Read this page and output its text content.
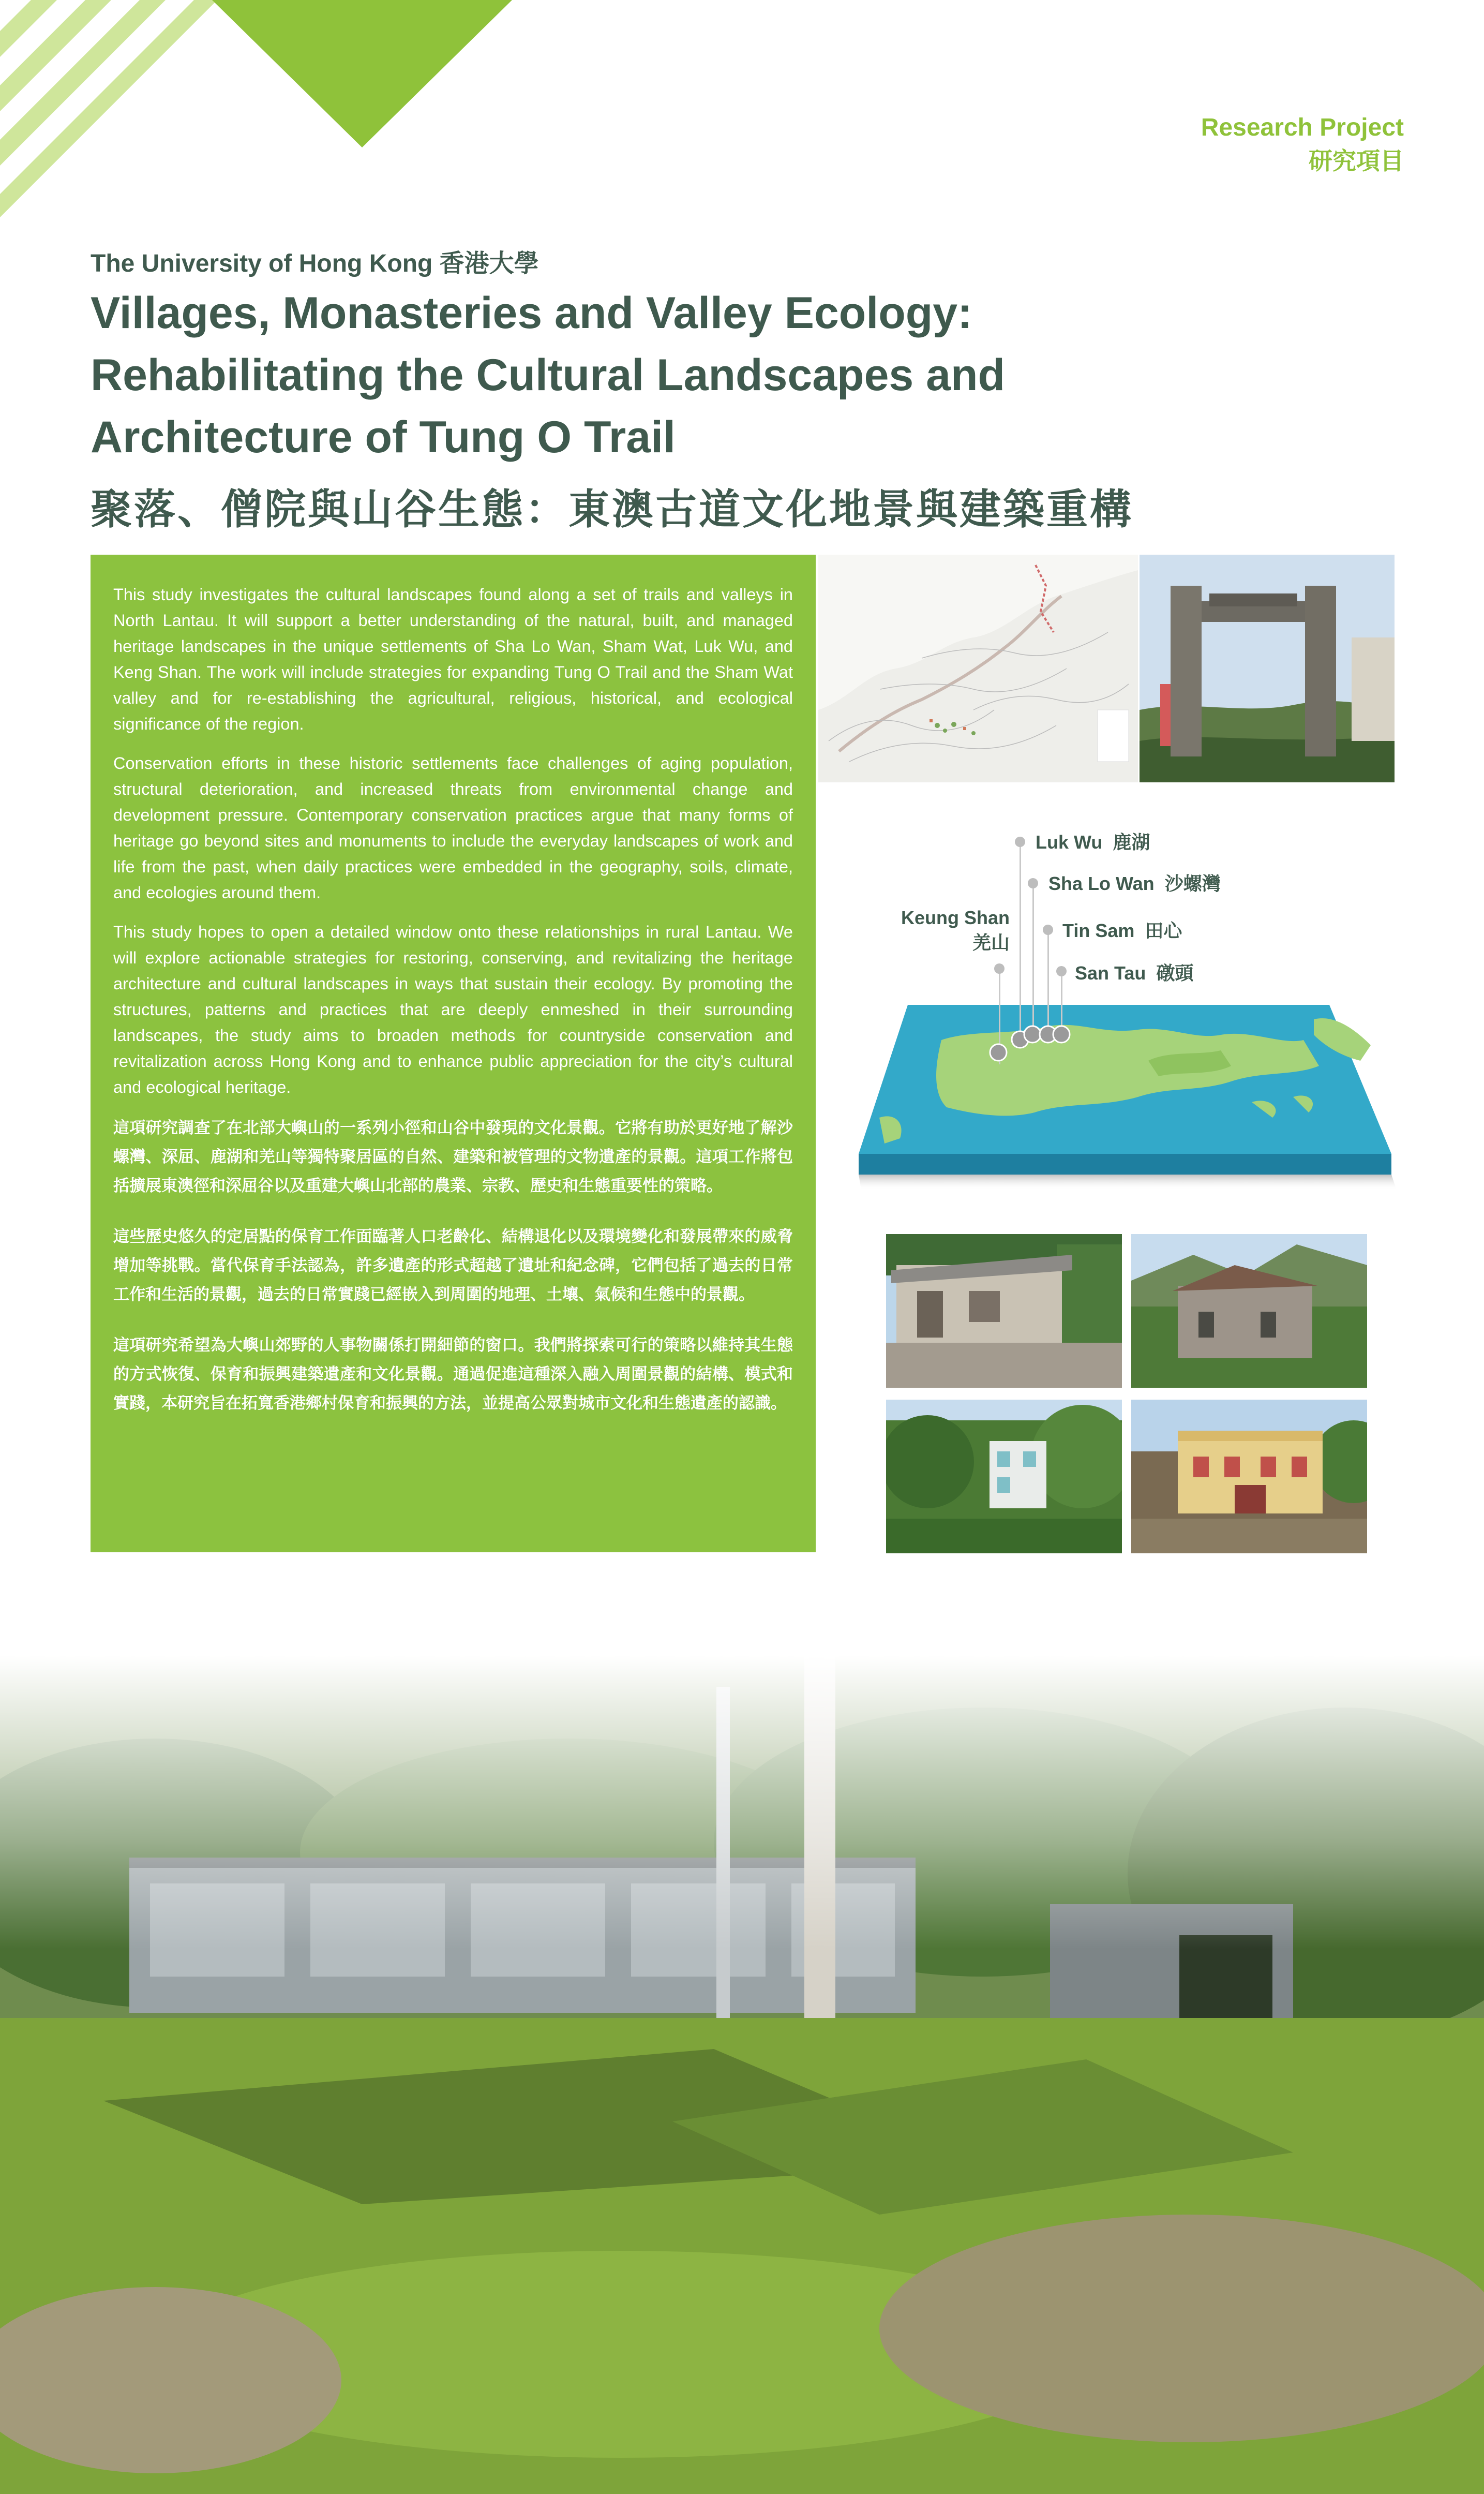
Research Project
研究項目
The University of Hong Kong 香港大學
Villages, Monasteries and Valley Ecology:
Rehabilitating the Cultural Landscapes and
Architecture of Tung O Trail
聚落、僧院與山谷生態：東澳古道文化地景與建築重構

This study investigates the cultural landscapes found along a set of trails and valleys in North Lantau. It will support a better understanding of the natural, built, and managed heritage landscapes in the unique settlements of Sha Lo Wan, Sham Wat, Luk Wu, and Keng Shan. The work will include strategies for expanding Tung O Trail and the Sham Wat valley and for re-establishing the agricultural, religious, historical, and ecological significance of the region.

Conservation efforts in these historic settlements face challenges of aging population, structural deterioration, and increased threats from environmental change and development pressure. Contemporary conservation practices argue that many forms of heritage go beyond sites and monuments to include the everyday landscapes of work and life from the past, when daily practices were embedded in the geography, soils, climate, and ecologies around them.

This study hopes to open a detailed window onto these relationships in rural Lantau. We will explore actionable strategies for restoring, conserving, and revitalizing the heritage architecture and cultural landscapes in ways that sustain their ecology. By promoting the structures, patterns and practices that are deeply enmeshed in their surrounding landscapes, the study aims to broaden methods for countryside conservation and revitalization across Hong Kong and to enhance public appreciation for the city’s cultural and ecological heritage.

這項研究調查了在北部大嶼山的一系列小徑和山谷中發現的文化景觀。它將有助於更好地了解沙螺灣、深屈、鹿湖和羌山等獨特聚居區的自然、建築和被管理的文物遺產的景觀。這項工作將包括擴展東澳徑和深屈谷以及重建大嶼山北部的農業、宗教、歷史和生態重要性的策略。

這些歷史悠久的定居點的保育工作面臨著人口老齡化、結構退化以及環境變化和發展帶來的威脅增加等挑戰。當代保育手法認為，許多遺產的形式超越了遺址和紀念碑，它們包括了過去的日常工作和生活的景觀，過去的日常實踐已經嵌入到周圍的地理、土壤、氣候和生態中的景觀。

這項研究希望為大嶼山郊野的人事物關係打開細節的窗口。我們將探索可行的策略以維持其生態的方式恢復、保育和振興建築遺產和文化景觀。通過促進這種深入融入周圍景觀的結構、模式和實踐，本研究旨在拓寬香港鄉村保育和振興的方法，並提高公眾對城市文化和生態遺產的認識。

Luk Wu 鹿湖
Sha Lo Wan 沙螺灣
Tin Sam 田心
San Tau 礅頭
Keung Shan
羌山
